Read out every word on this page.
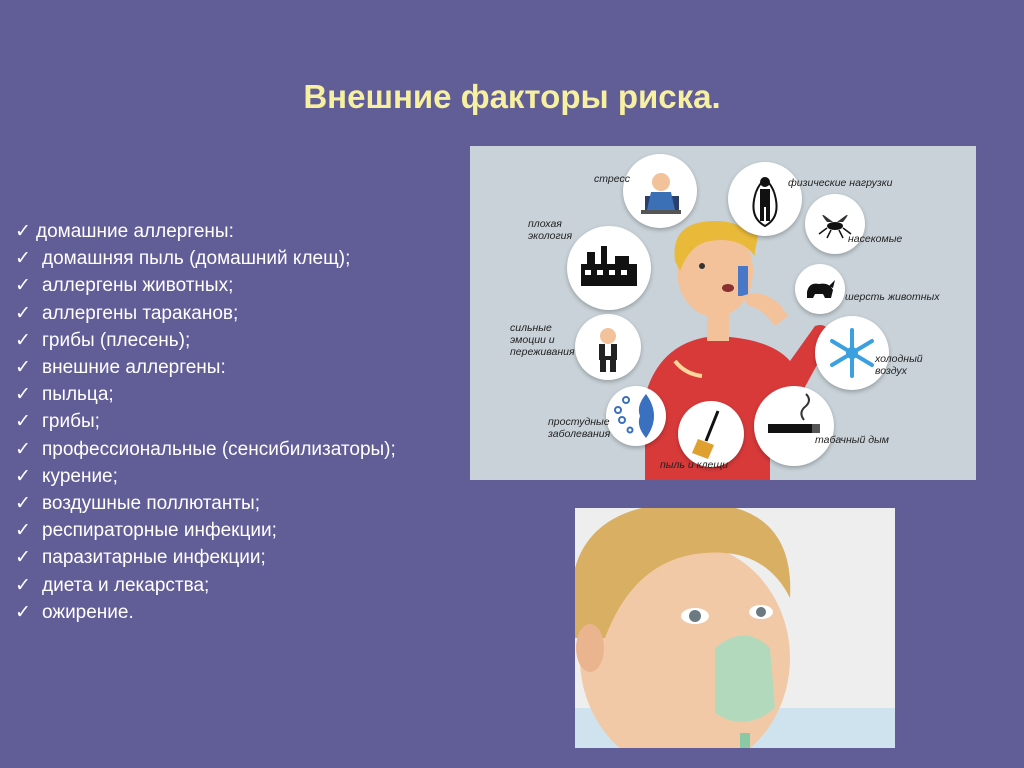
Внешние факторы риска.
✓ домашние аллергены:
✓ домашняя пыль (домашний клещ);
✓ аллергены животных;
✓ аллергены тараканов;
✓ грибы (плесень);
✓ внешние аллергены:
✓ пыльца;
✓ грибы;
✓ профессиональные (сенсибилизаторы);
✓ курение;
✓ воздушные поллютанты;
✓ респираторные инфекции;
✓ паразитарные инфекции;
✓ диета и лекарства;
✓ ожирение.
стресс	физические нагрузки
насекомые
шерсть животных
холодный
воздух
табачный дым
пыль и клещи
простудные
заболевания
сильные
эмоции и
переживания
плохая
экология
